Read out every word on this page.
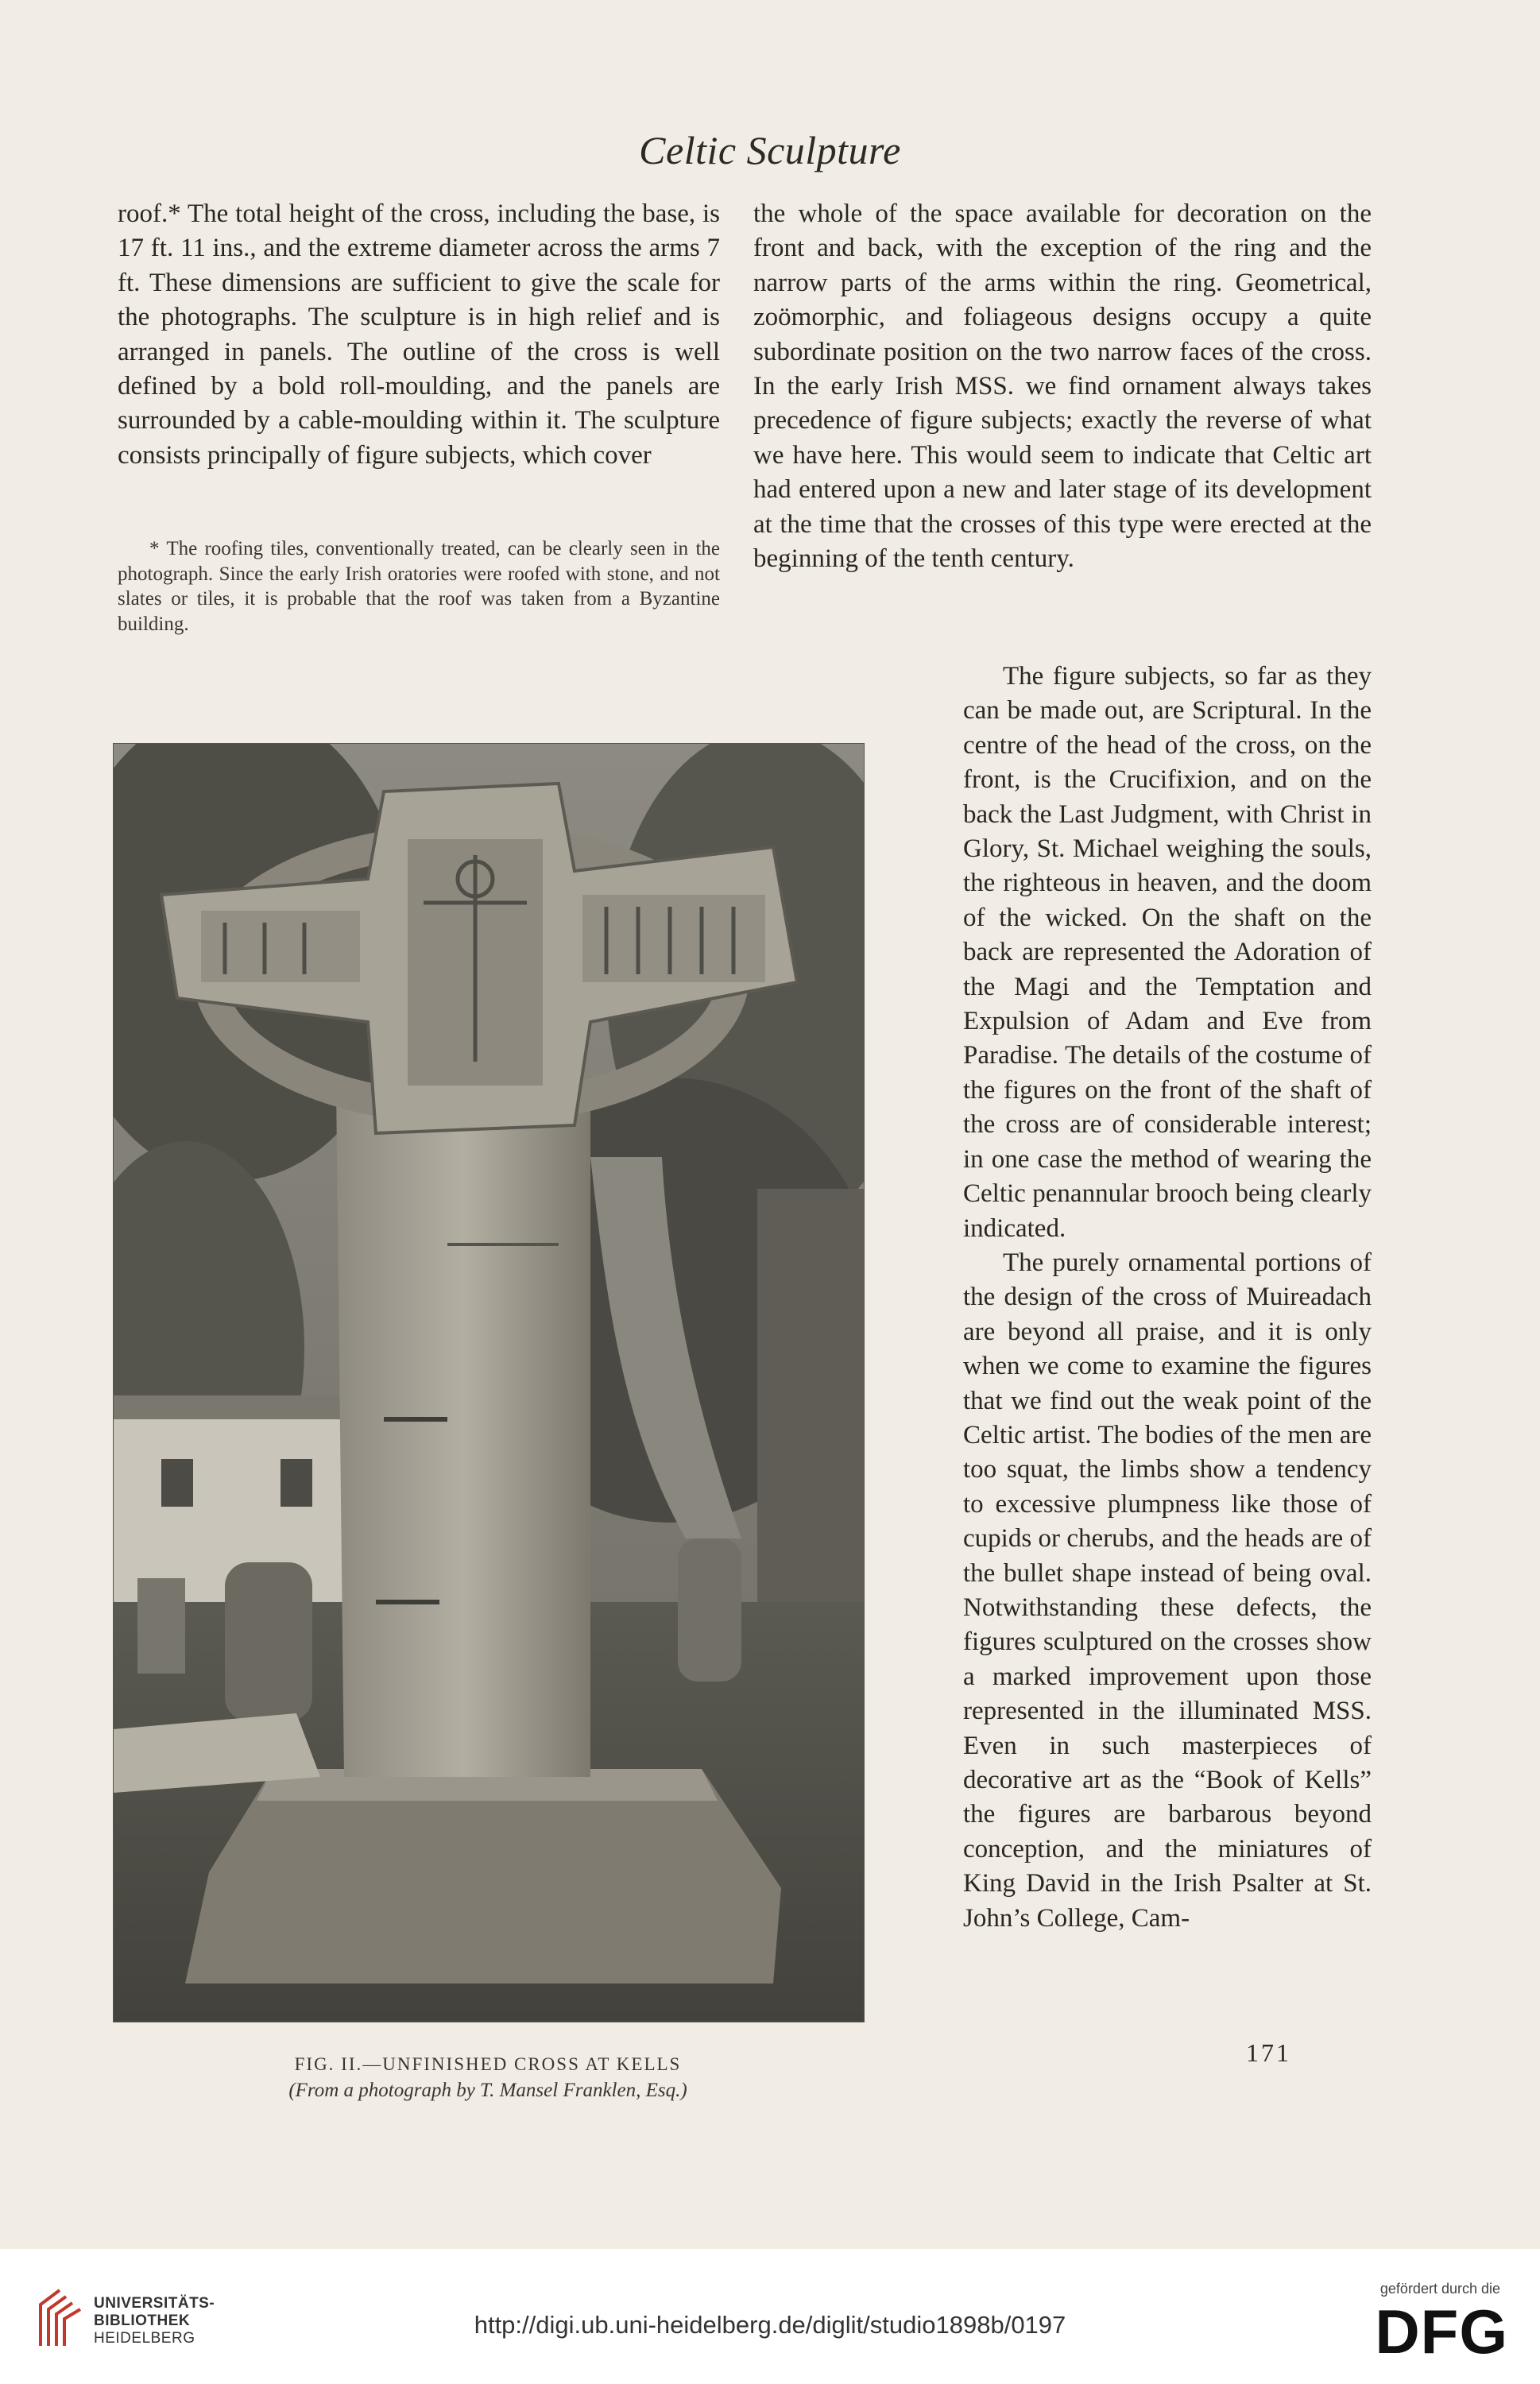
Celtic Sculpture

roof.* The total height of the cross, including the base, is 17 ft. 11 ins., and the extreme diameter across the arms 7 ft. These dimensions are sufficient to give the scale for the photographs. The sculpture is in high relief and is arranged in panels. The outline of the cross is well defined by a bold roll-moulding, and the panels are surrounded by a cable-moulding within it. The sculpture consists principally of figure subjects, which cover

* The roofing tiles, conventionally treated, can be clearly seen in the photograph. Since the early Irish oratories were roofed with stone, and not slates or tiles, it is probable that the roof was taken from a Byzantine building.

the whole of the space available for decoration on the front and back, with the exception of the ring and the narrow parts of the arms within the ring. Geometrical, zoömorphic, and foliageous designs occupy a quite subordinate position on the two narrow faces of the cross. In the early Irish MSS. we find ornament always takes precedence of figure subjects; exactly the reverse of what we have here. This would seem to indicate that Celtic art had entered upon a new and later stage of its development at the time that the crosses of this type were erected at the beginning of the tenth century.

The figure subjects, so far as they can be made out, are Scriptural. In the centre of the head of the cross, on the front, is the Crucifixion, and on the back the Last Judgment, with Christ in Glory, St. Michael weighing the souls, the righteous in heaven, and the doom of the wicked. On the shaft on the back are represented the Adoration of the Magi and the Temptation and Expulsion of Adam and Eve from Paradise. The details of the costume of the figures on the front of the shaft of the cross are of considerable interest; in one case the method of wearing the Celtic penannular brooch being clearly indicated.

The purely ornamental portions of the design of the cross of Muireadach are beyond all praise, and it is only when we come to examine the figures that we find out the weak point of the Celtic artist. The bodies of the men are too squat, the limbs show a tendency to excessive plumpness like those of cupids or cherubs, and the heads are of the bullet shape instead of being oval. Notwithstanding these defects, the figures sculptured on the crosses show a marked improvement upon those represented in the illuminated MSS. Even in such masterpieces of decorative art as the “Book of Kells” the figures are barbarous beyond conception, and the miniatures of King David in the Irish Psalter at St. John’s College, Cam-

FIG. II.—UNFINISHED CROSS AT KELLS
(From a photograph by T. Mansel Franklen, Esq.)
171
UNIVERSITÄTS-
BIBLIOTHEK
HEIDELBERG	http://digi.ub.uni-heidelberg.de/diglit/studio1898b/0197
gefördert durch die
DFG
